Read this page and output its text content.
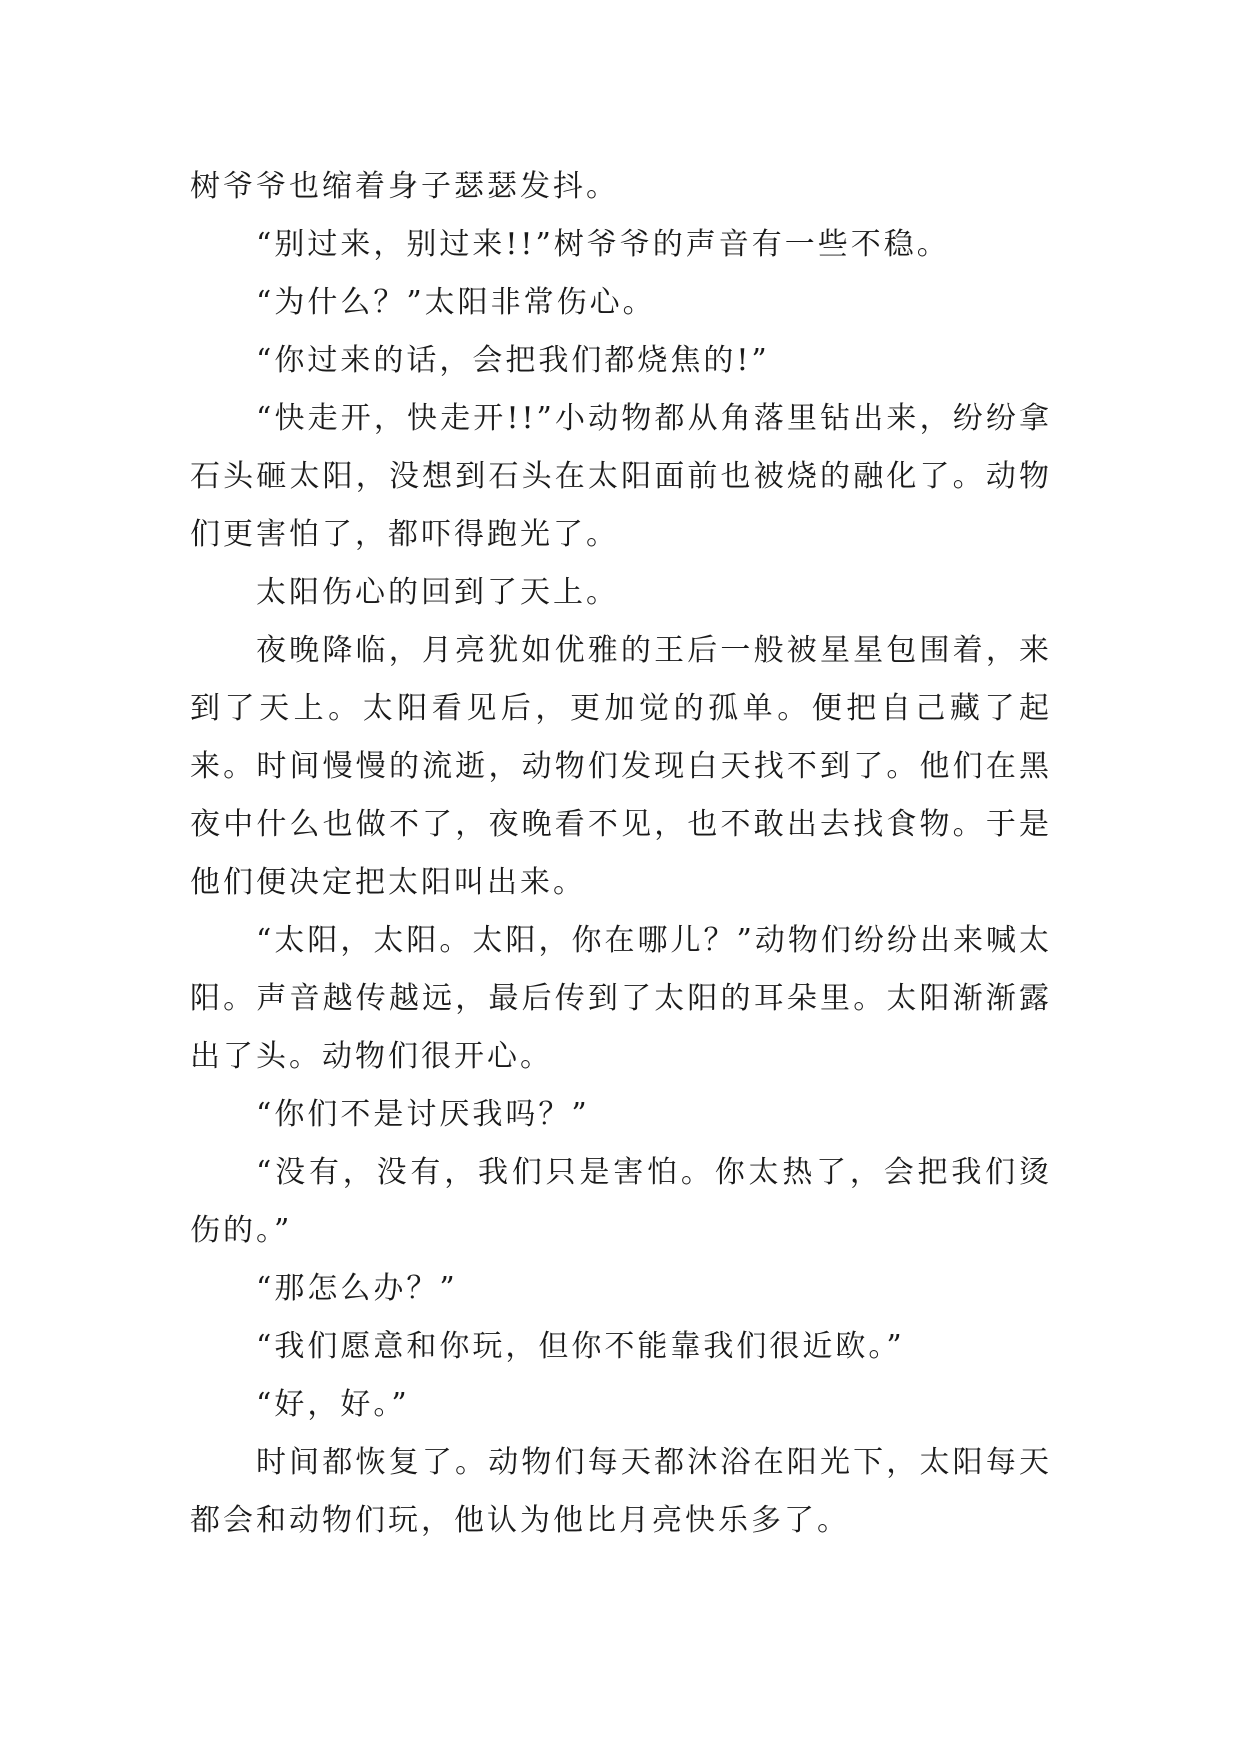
树爷爷也缩着身子瑟瑟发抖。

“别过来，别过来!!”树爷爷的声音有一些不稳。

“为什么？”太阳非常伤心。

“你过来的话，会把我们都烧焦的!”

“快走开，快走开!!”小动物都从角落里钻出来，纷纷拿石头砸太阳，没想到石头在太阳面前也被烧的融化了。动物们更害怕了，都吓得跑光了。

太阳伤心的回到了天上。

夜晚降临，月亮犹如优雅的王后一般被星星包围着，来到了天上。太阳看见后，更加觉的孤单。便把自己藏了起来。时间慢慢的流逝，动物们发现白天找不到了。他们在黑夜中什么也做不了，夜晚看不见，也不敢出去找食物。于是他们便决定把太阳叫出来。

“太阳，太阳。太阳，你在哪儿？”动物们纷纷出来喊太阳。声音越传越远，最后传到了太阳的耳朵里。太阳渐渐露出了头。动物们很开心。

“你们不是讨厌我吗？”

“没有，没有，我们只是害怕。你太热了，会把我们烫伤的。”

“那怎么办？”

“我们愿意和你玩，但你不能靠我们很近欧。”

“好，好。”

时间都恢复了。动物们每天都沐浴在阳光下，太阳每天都会和动物们玩，他认为他比月亮快乐多了。
